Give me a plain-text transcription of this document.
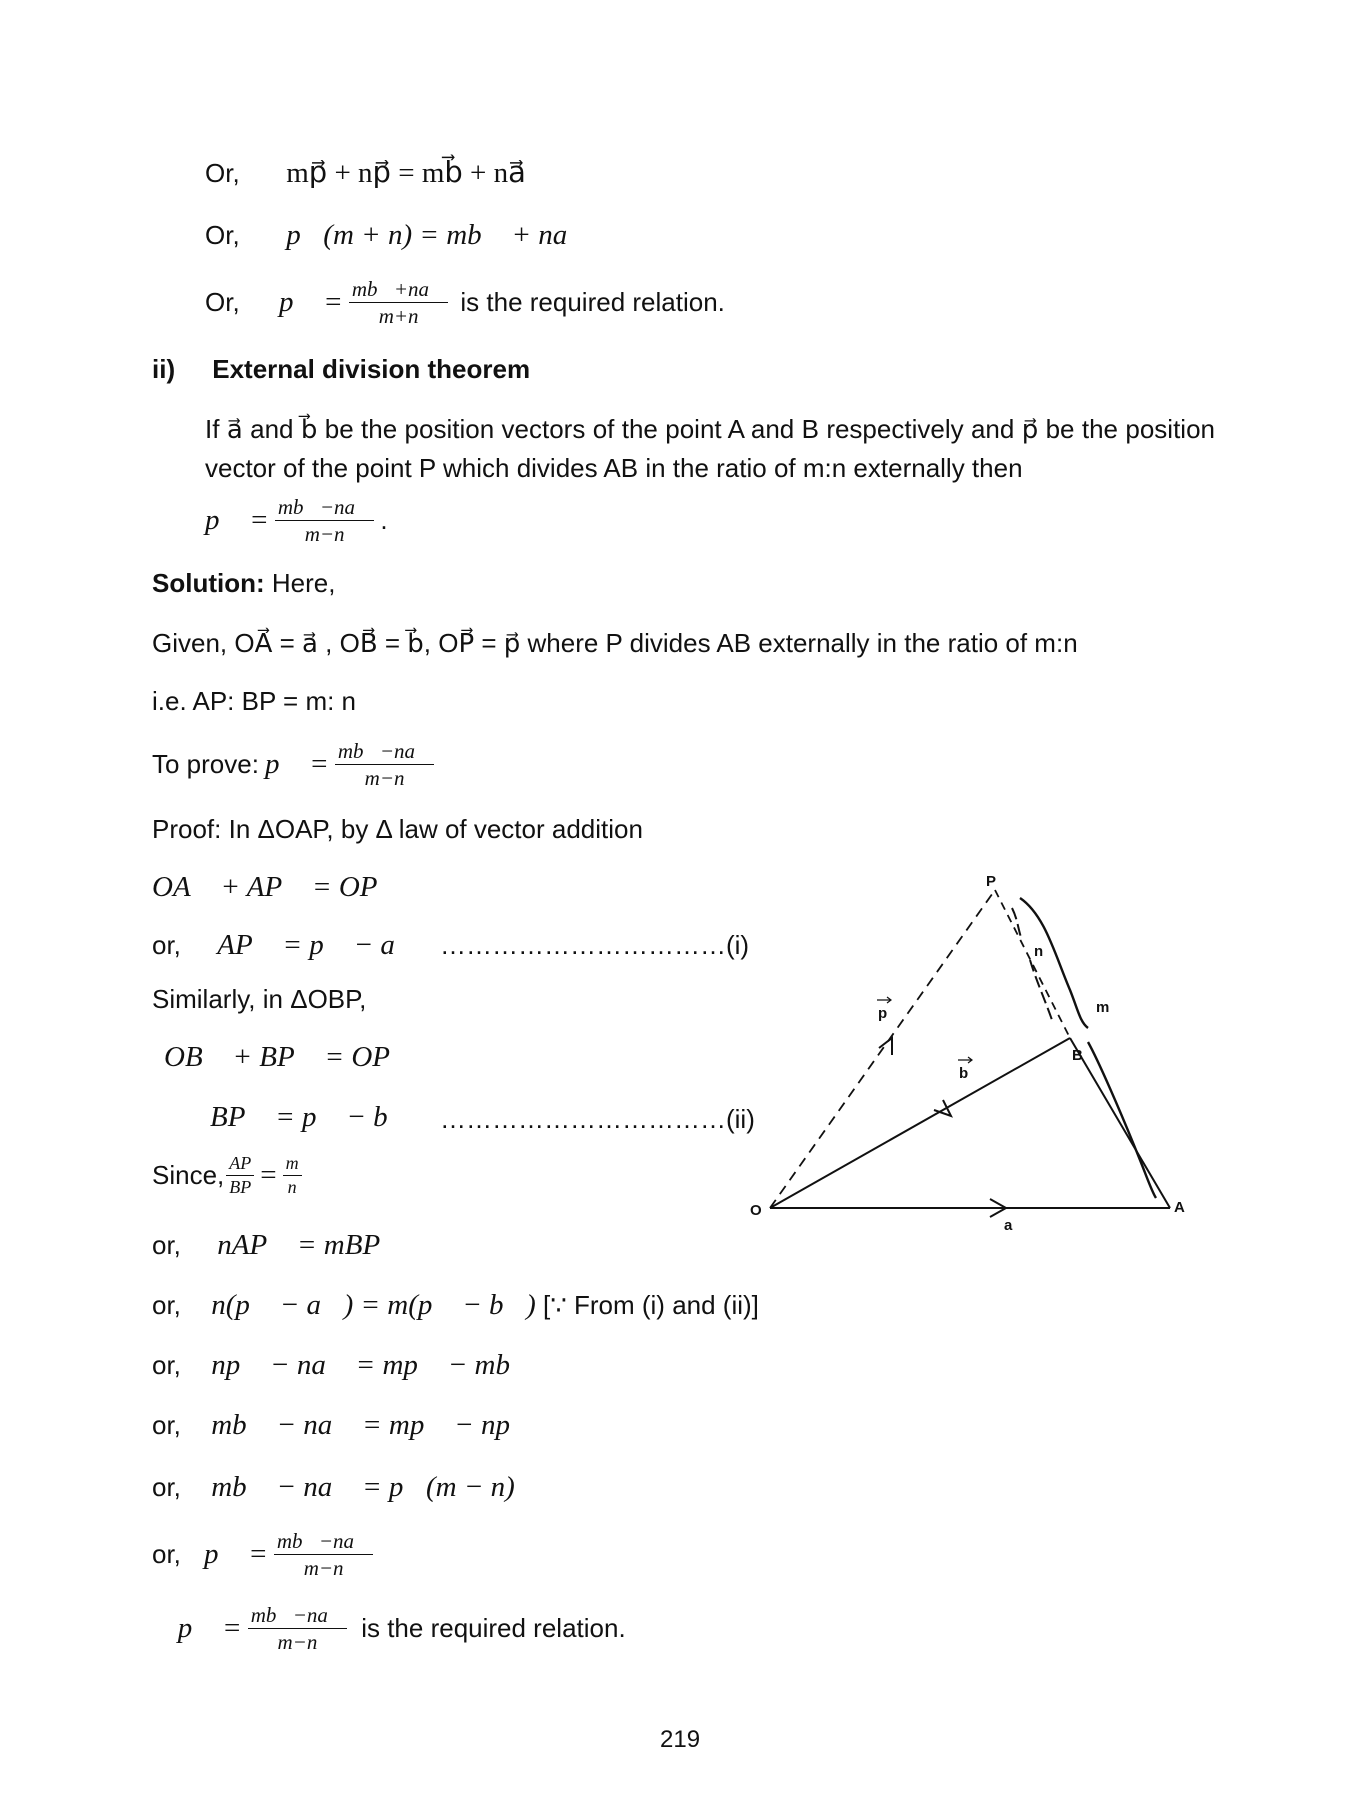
Or, mp⃗ + np⃗ = mb⃗ + na⃗
Or, p⃗(m + n) = mb⃗ + na⃗
Or,	p⃗ = $\frac{mb⃗+na⃗}{m+n}$ is the required relation.
ii) External division theorem
If a⃗ and b⃗ be the position vectors of the point A and B respectively and p⃗ be the position vector of the point P which divides AB in the ratio of m:n externally then
p⃗ = $\frac{mb⃗-na⃗}{m-n}$ .
Solution: Here,
Given, OA⃗ = a⃗ , OB⃗ = b⃗, OP⃗ = p⃗ where P divides AB externally in the ratio of m:n
i.e. AP: BP = m: n
To prove: p⃗ = $\frac{mb⃗-na⃗}{m-n}$
Proof: In ΔOAP, by Δ law of vector addition
OA⃗ + AP⃗ = OP⃗
or, AP⃗ = p⃗ − a⃗ ……………………………(i)
Similarly, in ΔOBP,
OB⃗ + BP⃗ = OP⃗
BP⃗ = p⃗ − b⃗ ……………………………(ii)
Since, $\frac{AP}{BP} = \frac{m}{n}$
or, nAP⃗ = mBP⃗
or, n(p⃗ − a⃗) = m(p⃗ − b⃗) [∵ From (i) and (ii)]
or, np⃗ − na⃗ = mp⃗ − mb⃗
or, mb⃗ − na⃗ = mp⃗ − np⃗
or, mb⃗ − na⃗ = p⃗(m − n)
or, p⃗ = $\frac{mb⃗-na⃗}{m-n}$
∴ p⃗ = $\frac{mb⃗-na⃗}{m-n}$ is the required relation.
O	A
B
P
a
b
p	m
n
219
